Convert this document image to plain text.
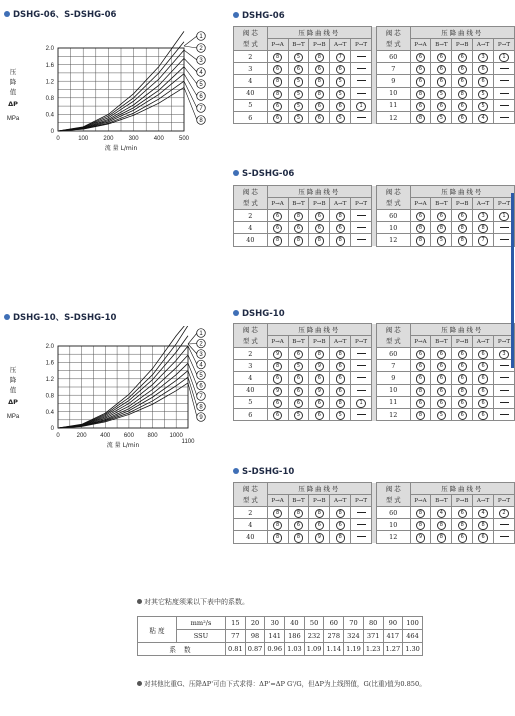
DSHG-06、S-DSHG-06
DSHG-10、S-DSHG-10
0
0.4
0.8
1.2
1.6
2.0
0	100	200	300	400	500
流 量 L/min
压
降
值
ΔP
MPa
1
2
3
4
5
6
7
8
0
0.4
0.8
1.2
1.6
2.0
0	200 400 600 800 1000
1100
流 量 L/min
压
降
值
ΔP
MPa
1
2
3
4
5
6
7
8
9
DSHG-06
阀 芯
型 式	压降曲线号						阀 芯
型 式	压降曲线号				
	P→A	B→T	P→B	A→T	P→T			P→A	B→T	P→B	A→T	P→T
2	8	5	8	7			60	6	6	6	3	1
3	6	6	6	6			7	6	6	6	6	
4	8	5	8	5			9	6	6	6	6	
40	8	5	8	5			10	8	5	8	5	
5	6	5	6	6	1		11	6	6	6	5	
6	6	5	6	5			12	8	5	6	4	
S-DSHG-06
阀 芯
型 式	压降曲线号						阀 芯
型 式	压降曲线号				
	P→A	B→T	P→B	A→T	P→T			P→A	B→T	P→B	A→T	P→T
2	6	8	6	8			60	6	6	6	3	1
4	6	6	6	6			10	8	8	8	8	
40	8	8	8	8			12	8	5	8	7	
DSHG-10
阀 芯
型 式	压降曲线号						阀 芯
型 式	压降曲线号				
	P→A	B→T	P→B	A→T	P→T			P→A	B→T	P→B	A→T	P→T
2	9	6	8	8			60	6	6	6	6	3
3	8	5	9	6			7	6	6	6	6	
4	6	6	6	6			9	6	6	6	6	
40	9	6	9	6			10	8	6	8	6	
5	6	6	6	8	1		11	6	6	6	6	
6	6	5	6	5			12	8	5	6	6	
S-DSHG-10
阀 芯
型 式	压降曲线号						阀 芯
型 式	压降曲线号				
	P→A	B→T	P→B	A→T	P→T			P→A	B→T	P→B	A→T	P→T
2	8	8	8	8			60	8	4	6	4	2
4	8	6	6	6			10	8	8	8	8	
40	8	8	9	8			12	9	8	6	6	
对其它粘度须乘以下表中的系数。
粘 度	mm²/s	15	20	30	40	50	60	70	80	90	100
	SSU	77	98	141	186	232	278	324	371	417	464
系 数		0.81	0.87	0.96	1.03	1.09	1.14	1.19	1.23	1.27	1.30
对其他比重G、压降ΔP'可由下式求得：ΔP'=ΔP G'/G，但ΔP为上线图值，G(比重)值为0.850。
